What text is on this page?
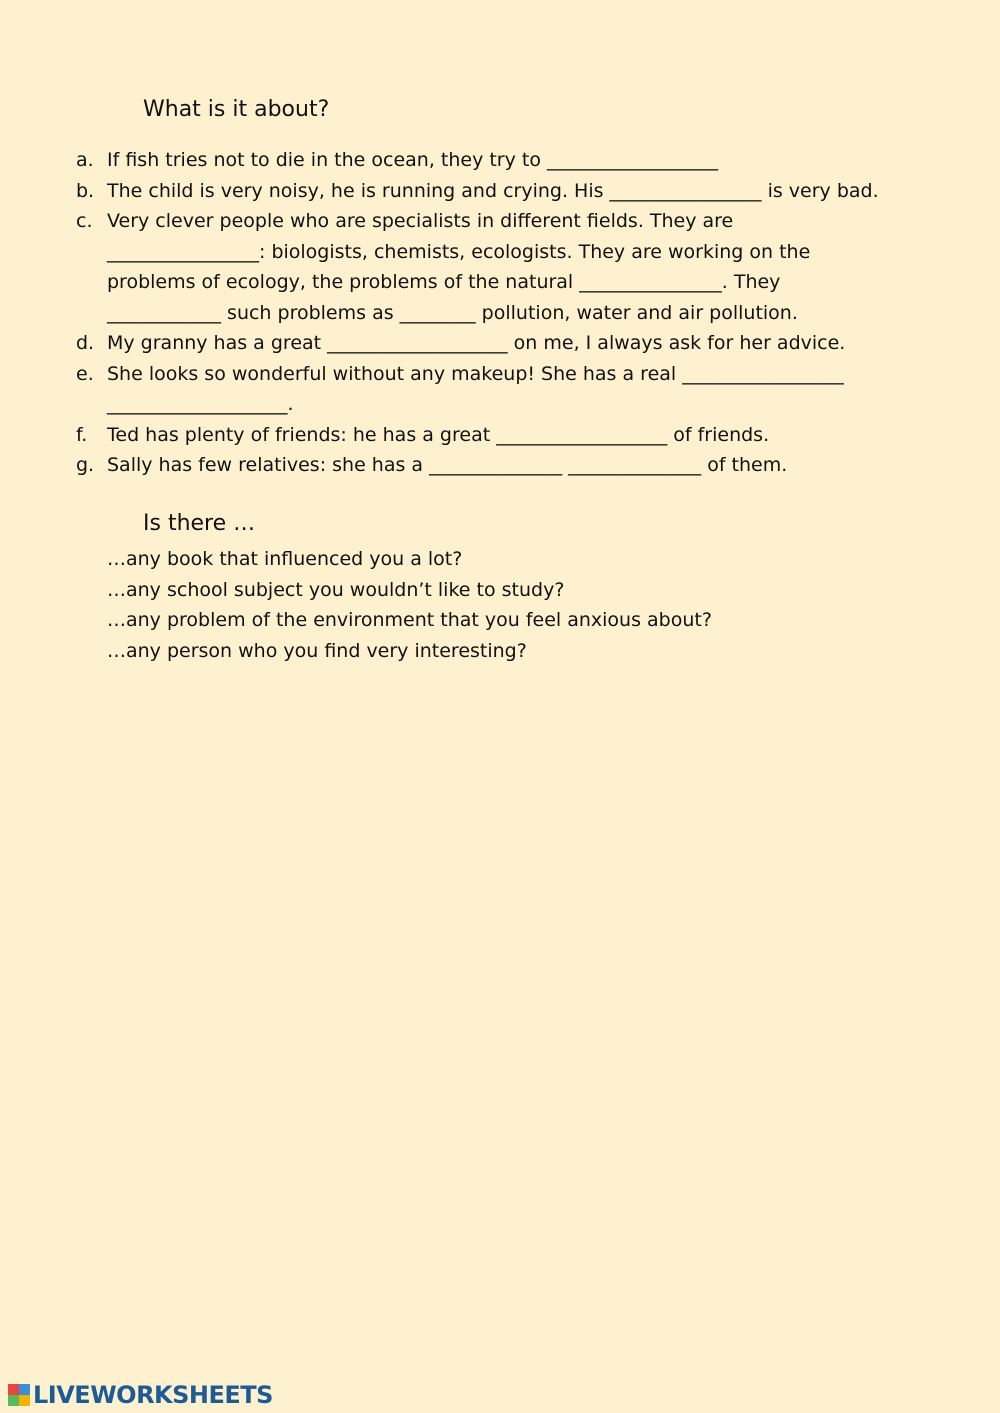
What is it about?
a. If fish tries not to die in the ocean, they try to __________________
b. The child is very noisy, he is running and crying. His ________________ is very bad.
c. Very clever people who are specialists in different fields. They are
________________: biologists, chemists, ecologists. They are working on the
problems of ecology, the problems of the natural _______________. They
____________ such problems as ________ pollution, water and air pollution.
d. My granny has a great ___________________ on me, I always ask for her advice.
e. She looks so wonderful without any makeup! She has a real _________________
___________________.
f. Ted has plenty of friends: he has a great __________________ of friends.
g. Sally has few relatives: she has a ______________ ______________ of them.
Is there …
…any book that influenced you a lot?
…any school subject you wouldn’t like to study?
…any problem of the environment that you feel anxious about?
…any person who you find very interesting?
LIVEWORKSHEETS
